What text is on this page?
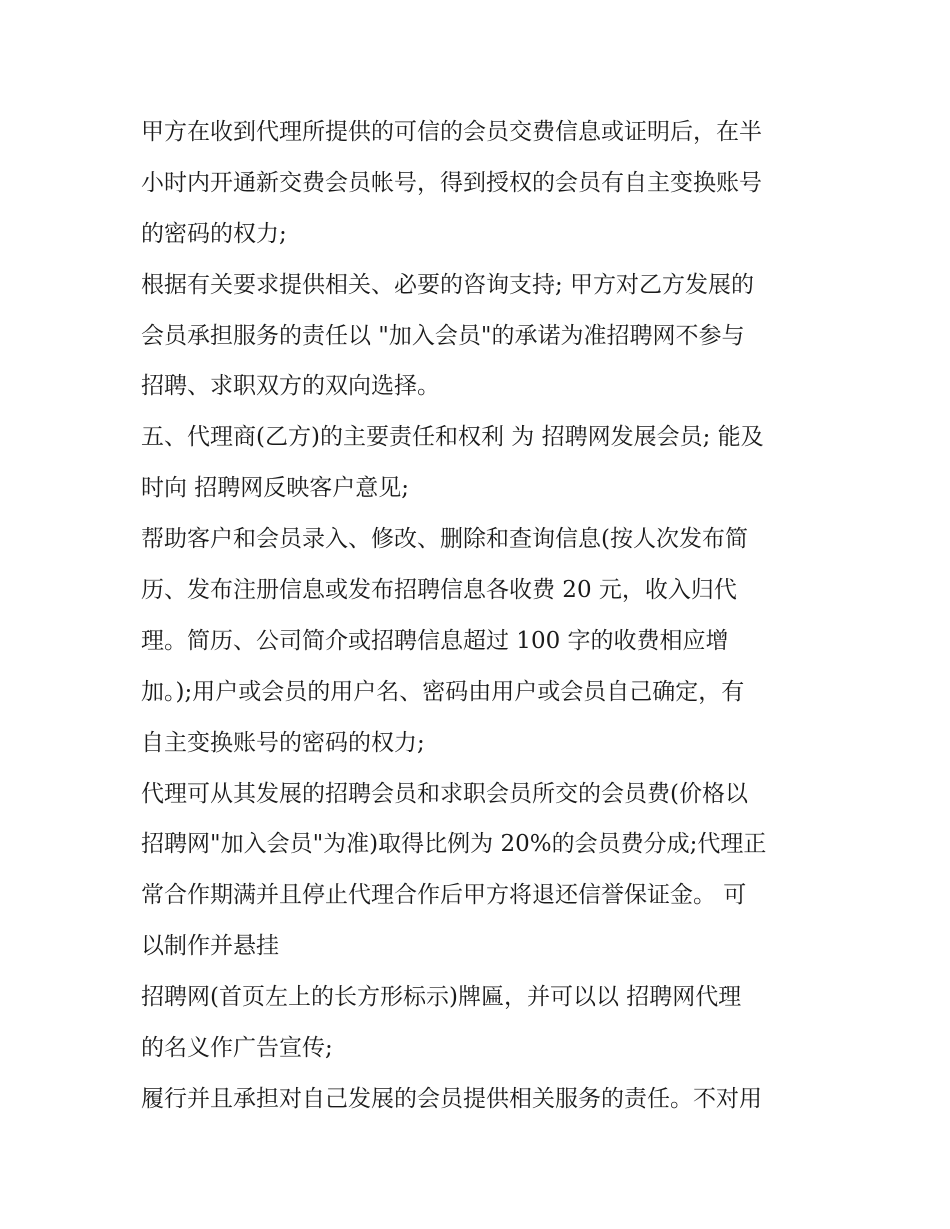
甲方在收到代理所提供的可信的会员交费信息或证明后，在半
小时内开通新交费会员帐号，得到授权的会员有自主变换账号
的密码的权力;
根据有关要求提供相关、必要的咨询支持; 甲方对乙方发展的
会员承担服务的责任以 "加入会员"的承诺为准招聘网不参与
招聘、求职双方的双向选择。
五、代理商(乙方)的主要责任和权利 为 招聘网发展会员; 能及
时向 招聘网反映客户意见;
帮助客户和会员录入、修改、删除和查询信息(按人次发布简
历、发布注册信息或发布招聘信息各收费 20 元，收入归代
理。简历、公司简介或招聘信息超过 100 字的收费相应增
加。);用户或会员的用户名、密码由用户或会员自己确定，有
自主变换账号的密码的权力;
代理可从其发展的招聘会员和求职会员所交的会员费(价格以
招聘网"加入会员"为准)取得比例为 20%的会员费分成;代理正
常合作期满并且停止代理合作后甲方将退还信誉保证金。 可
以制作并悬挂
招聘网(首页左上的长方形标示)牌匾，并可以以 招聘网代理
的名义作广告宣传;
履行并且承担对自己发展的会员提供相关服务的责任。不对用
